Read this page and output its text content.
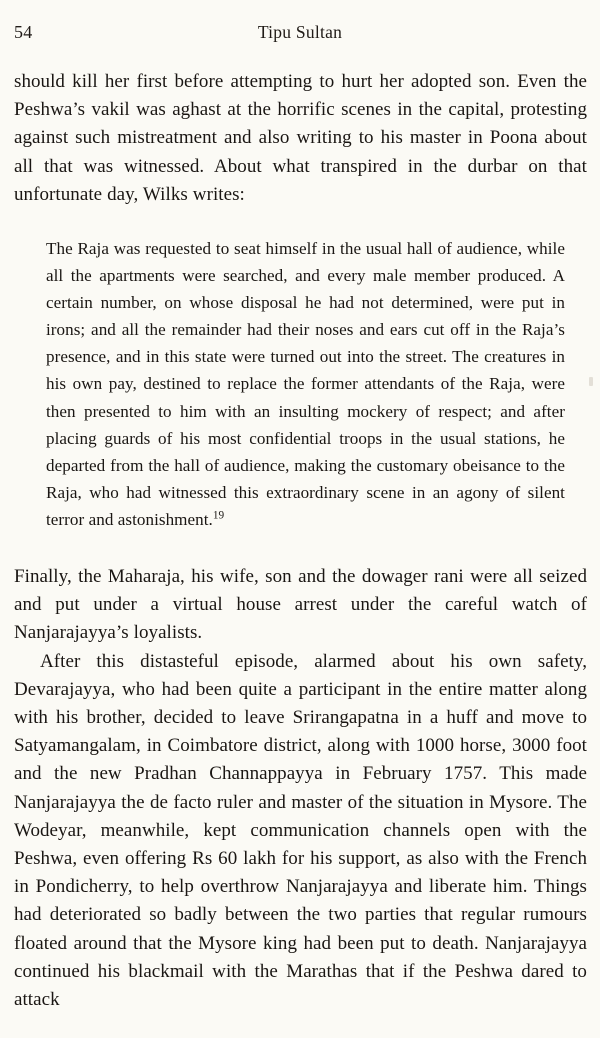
54	Tipu Sultan

should kill her first before attempting to hurt her adopted son. Even the Peshwa’s vakil was aghast at the horrific scenes in the capital, protesting against such mistreatment and also writing to his master in Poona about all that was witnessed. About what transpired in the durbar on that unfortunate day, Wilks writes:

The Raja was requested to seat himself in the usual hall of audience, while all the apartments were searched, and every male member produced. A certain number, on whose disposal he had not determined, were put in irons; and all the remainder had their noses and ears cut off in the Raja’s presence, and in this state were turned out into the street. The creatures in his own pay, destined to replace the former attendants of the Raja, were then presented to him with an insulting mockery of respect; and after placing guards of his most confidential troops in the usual stations, he departed from the hall of audience, making the customary obeisance to the Raja, who had witnessed this extraordinary scene in an agony of silent terror and astonishment.$^{19}$

Finally, the Maharaja, his wife, son and the dowager rani were all seized and put under a virtual house arrest under the careful watch of Nanjarajayya’s loyalists.

After this distasteful episode, alarmed about his own safety, Devarajayya, who had been quite a participant in the entire matter along with his brother, decided to leave Srirangapatna in a huff and move to Satyamangalam, in Coimbatore district, along with 1000 horse, 3000 foot and the new Pradhan Channappayya in February 1757. This made Nanjarajayya the de facto ruler and master of the situation in Mysore. The Wodeyar, meanwhile, kept communication channels open with the Peshwa, even offering Rs 60 lakh for his support, as also with the French in Pondicherry, to help overthrow Nanjarajayya and liberate him. Things had deteriorated so badly between the two parties that regular rumours floated around that the Mysore king had been put to death. Nanjarajayya continued his blackmail with the Marathas that if the Peshwa dared to attack
